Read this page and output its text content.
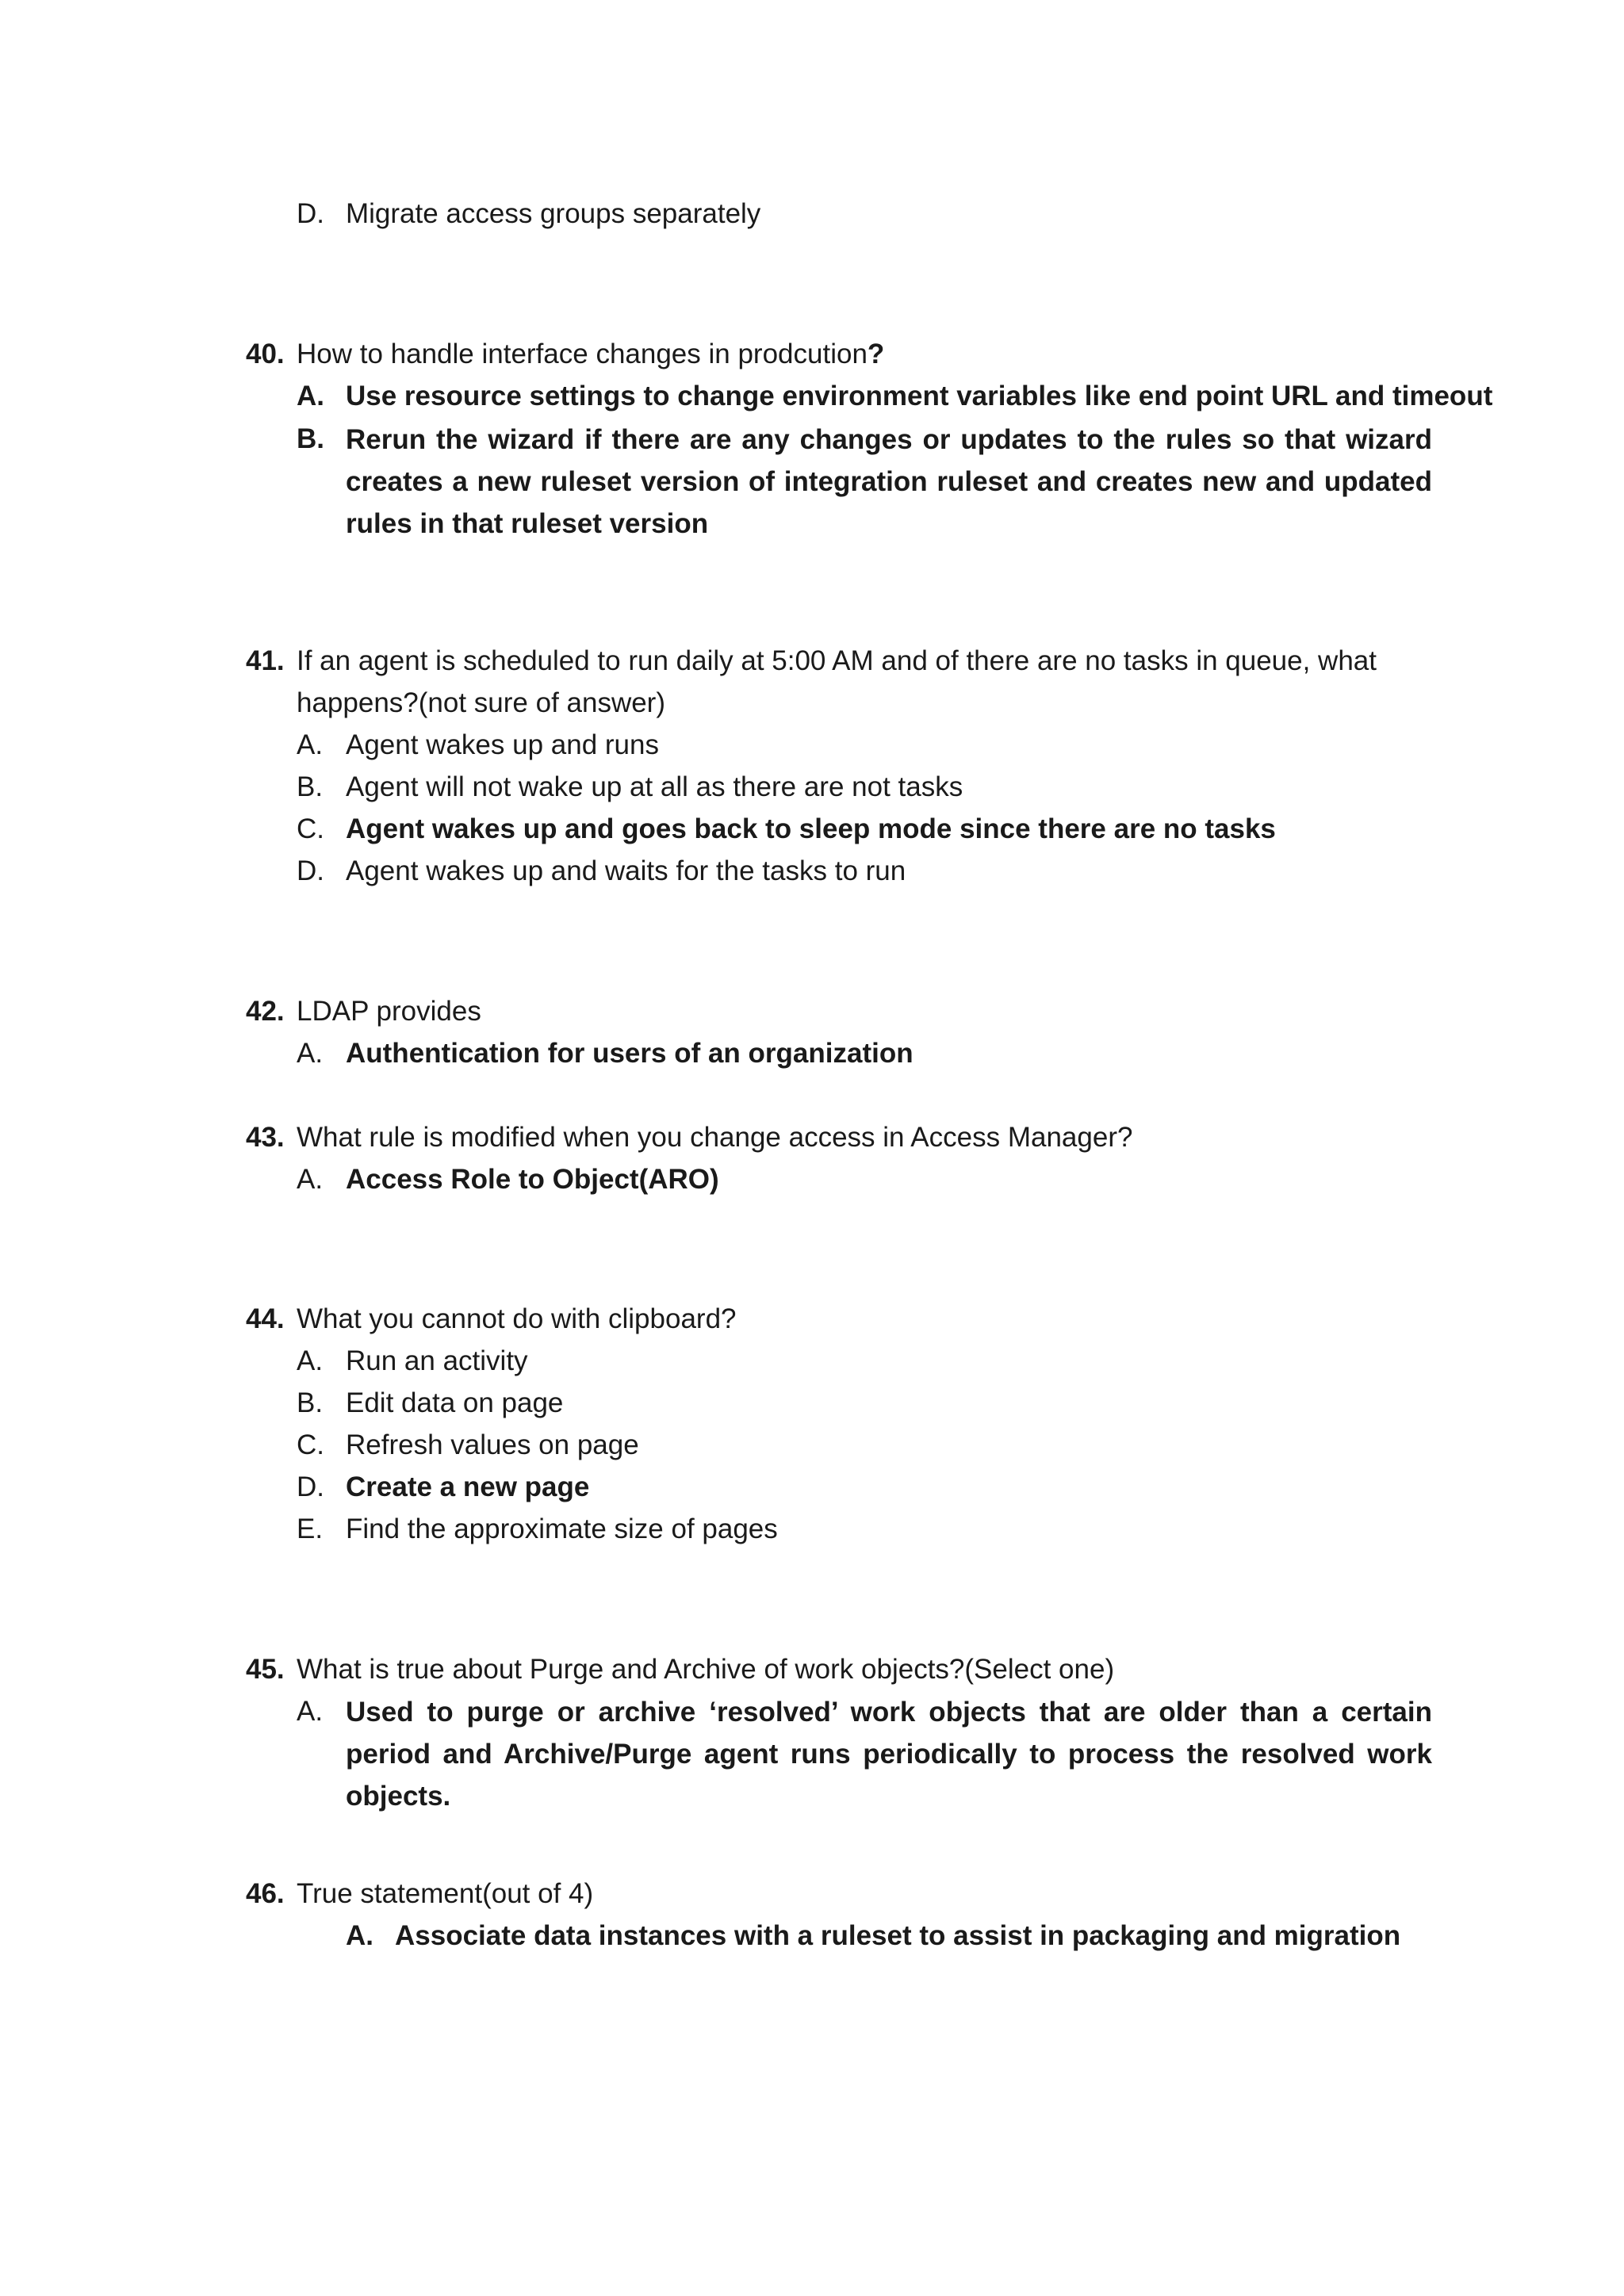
D. Migrate access groups separately
40. How to handle interface changes in prodcution?
A. Use resource settings to change environment variables like end point URL and timeout
B. Rerun the wizard if there are any changes or updates to the rules so that wizard creates a new ruleset version of integration ruleset and creates new and updated rules in that ruleset version
41. If an agent is scheduled to run daily at 5:00 AM and of there are no tasks in queue, what
happens?(not sure of answer)
A. Agent wakes up and runs
B. Agent will not wake up at all as there are not tasks
C. Agent wakes up and goes back to sleep mode since there are no tasks
D. Agent wakes up and waits for the tasks to run
42. LDAP provides
A. Authentication for users of an organization
43. What rule is modified when you change access in Access Manager?
A. Access Role to Object(ARO)
44. What you cannot do with clipboard?
A. Run an activity
B. Edit data on page
C. Refresh values on page
D. Create a new page
E. Find the approximate size of pages
45. What is true about Purge and Archive of work objects?(Select one)
A. Used to purge or archive ‘resolved’ work objects that are older than a certain period and Archive/Purge agent runs periodically to process the resolved work objects.
46. True statement(out of 4)
A. Associate data instances with a ruleset to assist in packaging and migration
